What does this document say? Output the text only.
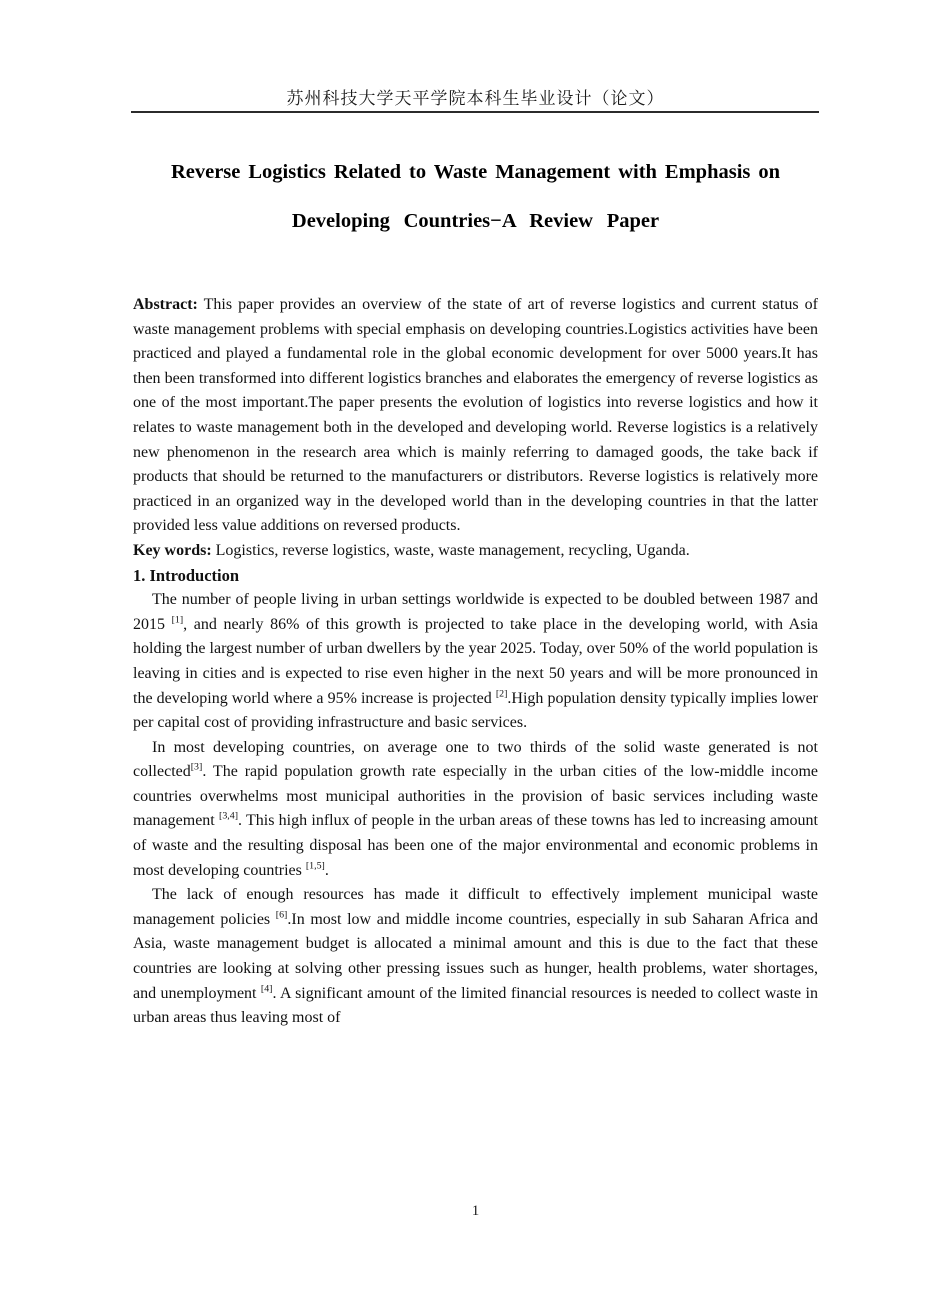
苏州科技大学天平学院本科生毕业设计（论文）
Reverse Logistics Related to Waste Management with Emphasis on
Developing Countries−A Review Paper

Abstract: This paper provides an overview of the state of art of reverse logistics and current status of waste management problems with special emphasis on developing countries.Logistics activities have been practiced and played a fundamental role in the global economic development for over 5000 years.It has then been transformed into different logistics branches and elaborates the emergency of reverse logistics as one of the most important.The paper presents the evolution of logistics into reverse logistics and how it relates to waste management both in the developed and developing world. Reverse logistics is a relatively new phenomenon in the research area which is mainly referring to damaged goods, the take back if products that should be returned to the manufacturers or distributors. Reverse logistics is relatively more practiced in an organized way in the developed world than in the developing countries in that the latter provided less value additions on reversed products.

Key words: Logistics, reverse logistics, waste, waste management, recycling, Uganda.

1. Introduction

The number of people living in urban settings worldwide is expected to be doubled between 1987 and 2015 [1], and nearly 86% of this growth is projected to take place in the developing world, with Asia holding the largest number of urban dwellers by the year 2025. Today, over 50% of the world population is leaving in cities and is expected to rise even higher in the next 50 years and will be more pronounced in the developing world where a 95% increase is projected [2].High population density typically implies lower per capital cost of providing infrastructure and basic services.

In most developing countries, on average one to two thirds of the solid waste generated is not collected[3]. The rapid population growth rate especially in the urban cities of the low-middle income countries overwhelms most municipal authorities in the provision of basic services including waste management [3,4]. This high influx of people in the urban areas of these towns has led to increasing amount of waste and the resulting disposal has been one of the major environmental and economic problems in most developing countries [1,5].

The lack of enough resources has made it difficult to effectively implement municipal waste management policies [6].In most low and middle income countries, especially in sub Saharan Africa and Asia, waste management budget is allocated a minimal amount and this is due to the fact that these countries are looking at solving other pressing issues such as hunger, health problems, water shortages, and unemployment [4]. A significant amount of the limited financial resources is needed to collect waste in urban areas thus leaving most of

1
